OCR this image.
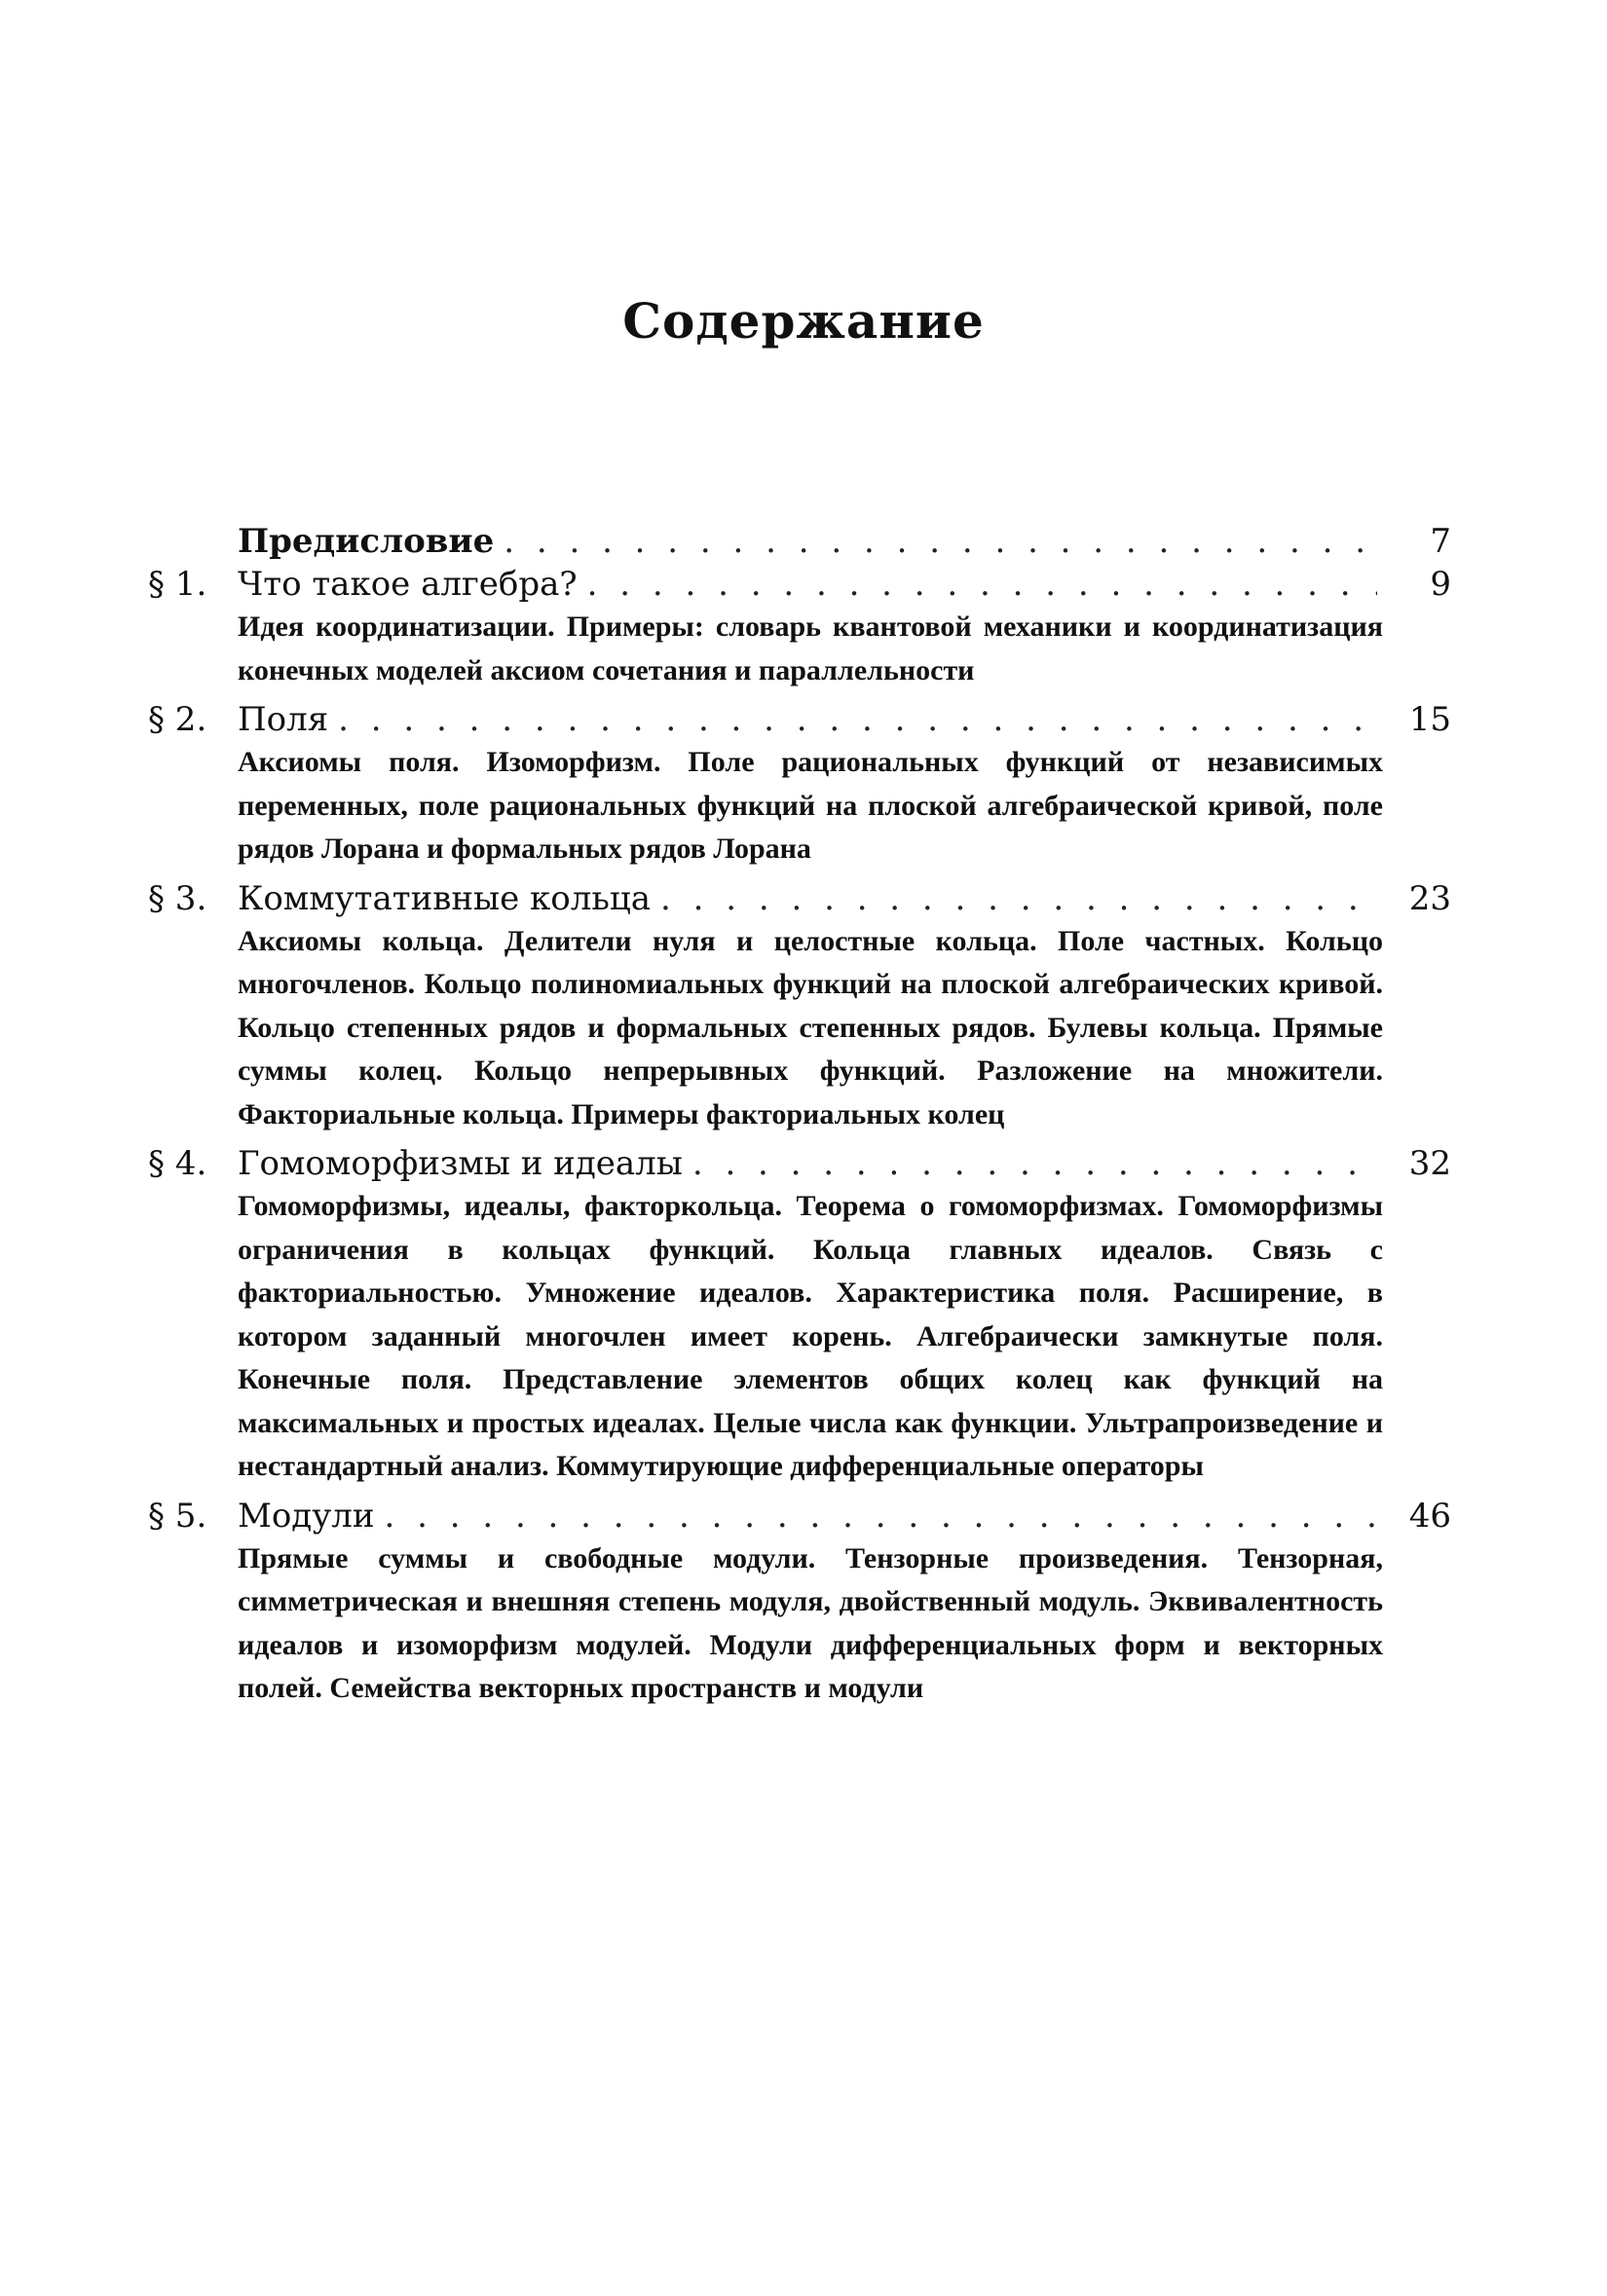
Содержание
Предисловие . . .	7
§ 1. Что такое алгебра? . . .	9
Идея координатизации. Примеры: словарь квантовой механики и координатизация конечных моделей аксиом сочетания и параллельности
§ 2. Поля . . .	15
Аксиомы поля. Изоморфизм. Поле рациональных функций от независимых переменных, поле рациональных функций на плоской алгебраической кривой, поле рядов Лорана и формальных рядов Лорана
§ 3. Коммутативные кольца . . .	23
Аксиомы кольца. Делители нуля и целостные кольца. Поле частных. Кольцо многочленов. Кольцо полиномиальных функций на плоской алгебраических кривой. Кольцо степенных рядов и формальных степенных рядов. Булевы кольца. Прямые суммы колец. Кольцо непрерывных функций. Разложение на множители. Факториальные кольца. Примеры факториальных колец
§ 4. Гомоморфизмы и идеалы . . .	32
Гомоморфизмы, идеалы, факторкольца. Теорема о гомоморфизмах. Гомоморфизмы ограничения в кольцах функций. Кольца главных идеалов. Связь с факториальностью. Умножение идеалов. Характеристика поля. Расширение, в котором заданный многочлен имеет корень. Алгебраически замкнутые поля. Конечные поля. Представление элементов общих колец как функций на максимальных и простых идеалах. Целые числа как функции. Ультрапроизведение и нестандартный анализ. Коммутирующие дифференциальные операторы
§ 5. Модули . . .	46
Прямые суммы и свободные модули. Тензорные произведения. Тензорная, симметрическая и внешняя степень модуля, двойственный модуль. Эквивалентность идеалов и изоморфизм модулей. Модули дифференциальных форм и векторных полей. Семейства векторных пространств и модули
